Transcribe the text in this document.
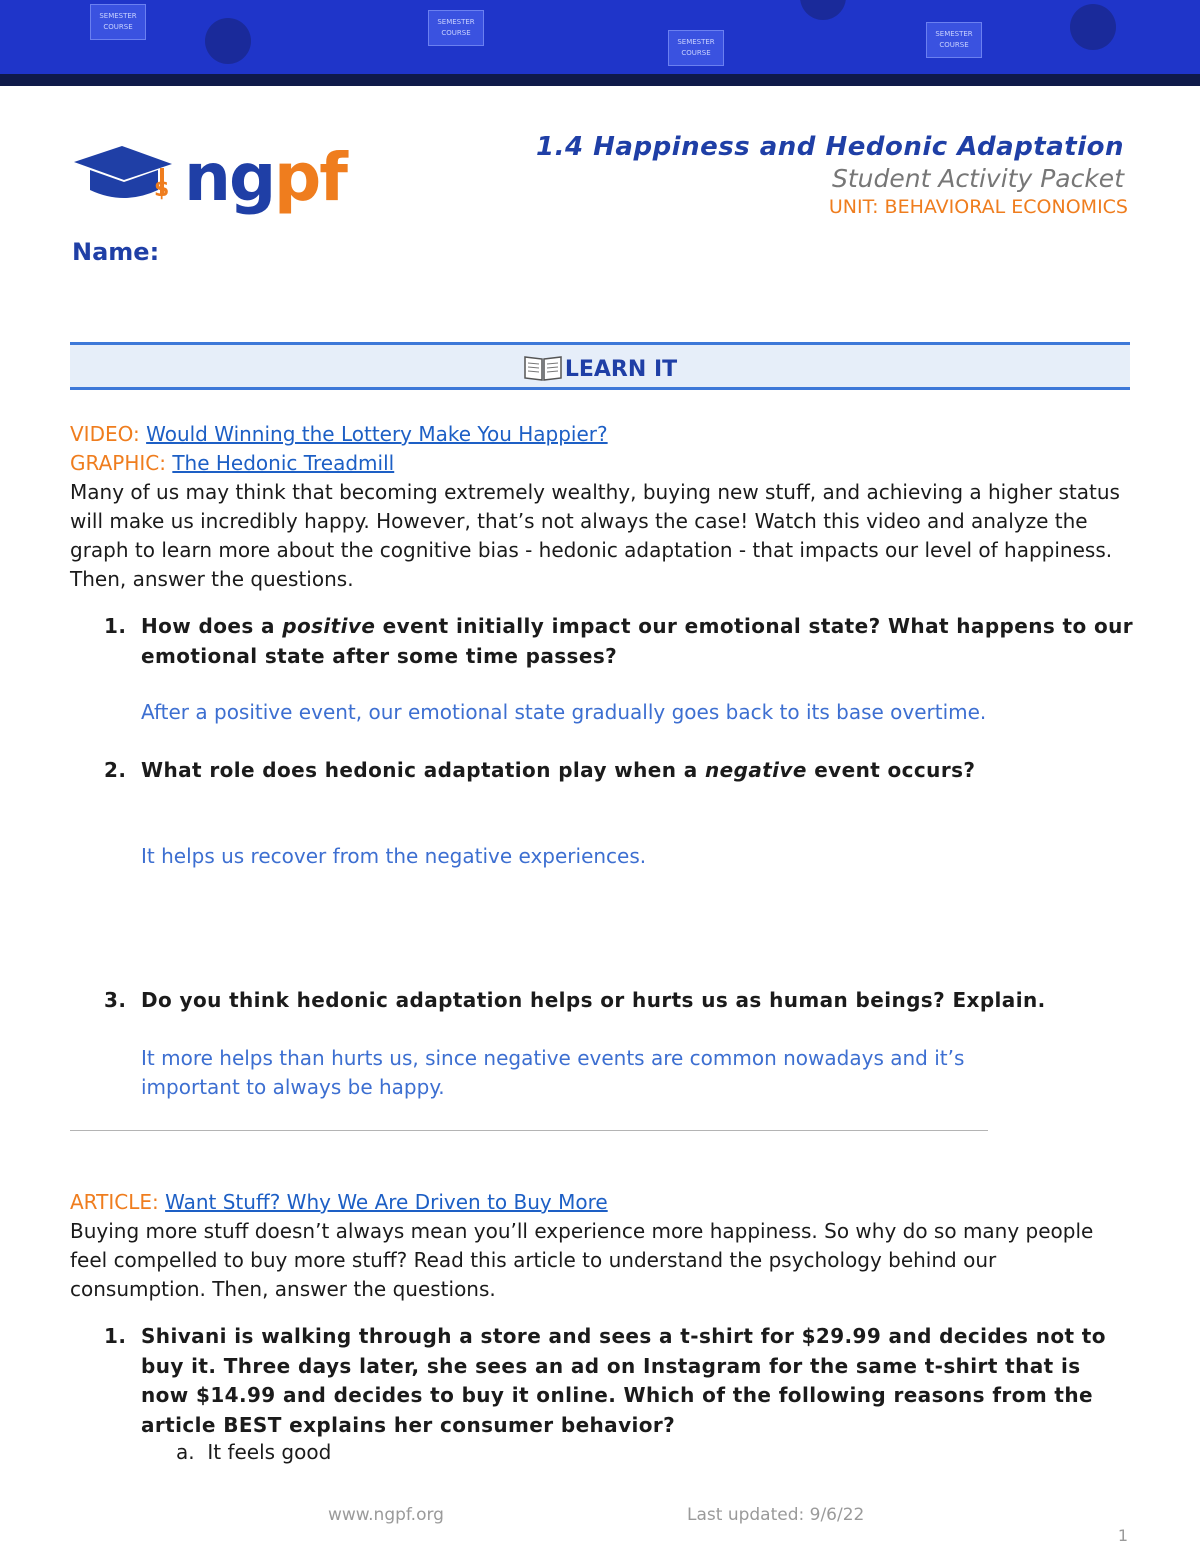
SEMESTER COURSE
SEMESTER COURSE
SEMESTER COURSE
SEMESTER COURSE
$ ng pf	1.4 Happiness and Hedonic Adaptation
Student Activity Packet
UNIT: BEHAVIORAL ECONOMICS
Name:
LEARN IT
VIDEO: Would Winning the Lottery Make You Happier?
GRAPHIC: The Hedonic Treadmill
Many of us may think that becoming extremely wealthy, buying new stuff, and achieving a higher status will make us incredibly happy. However, that’s not always the case! Watch this video and analyze the graph to learn more about the cognitive bias - hedonic adaptation - that impacts our level of happiness. Then, answer the questions.
1. How does a positive event initially impact our emotional state? What happens to our emotional state after some time passes?
After a positive event, our emotional state gradually goes back to its base overtime.
2. What role does hedonic adaptation play when a negative event occurs?
It helps us recover from the negative experiences.
3. Do you think hedonic adaptation helps or hurts us as human beings? Explain.
It more helps than hurts us, since negative events are common nowadays and it’s important to always be happy.
ARTICLE: Want Stuff? Why We Are Driven to Buy More
Buying more stuff doesn’t always mean you’ll experience more happiness. So why do so many people feel compelled to buy more stuff? Read this article to understand the psychology behind our consumption. Then, answer the questions.
1. Shivani is walking through a store and sees a t-shirt for $29.99 and decides not to buy it. Three days later, she sees an ad on Instagram for the same t-shirt that is now $14.99 and decides to buy it online. Which of the following reasons from the article BEST explains her consumer behavior?
a. It feels good
www.ngpf.org	Last updated: 9/6/22
1
